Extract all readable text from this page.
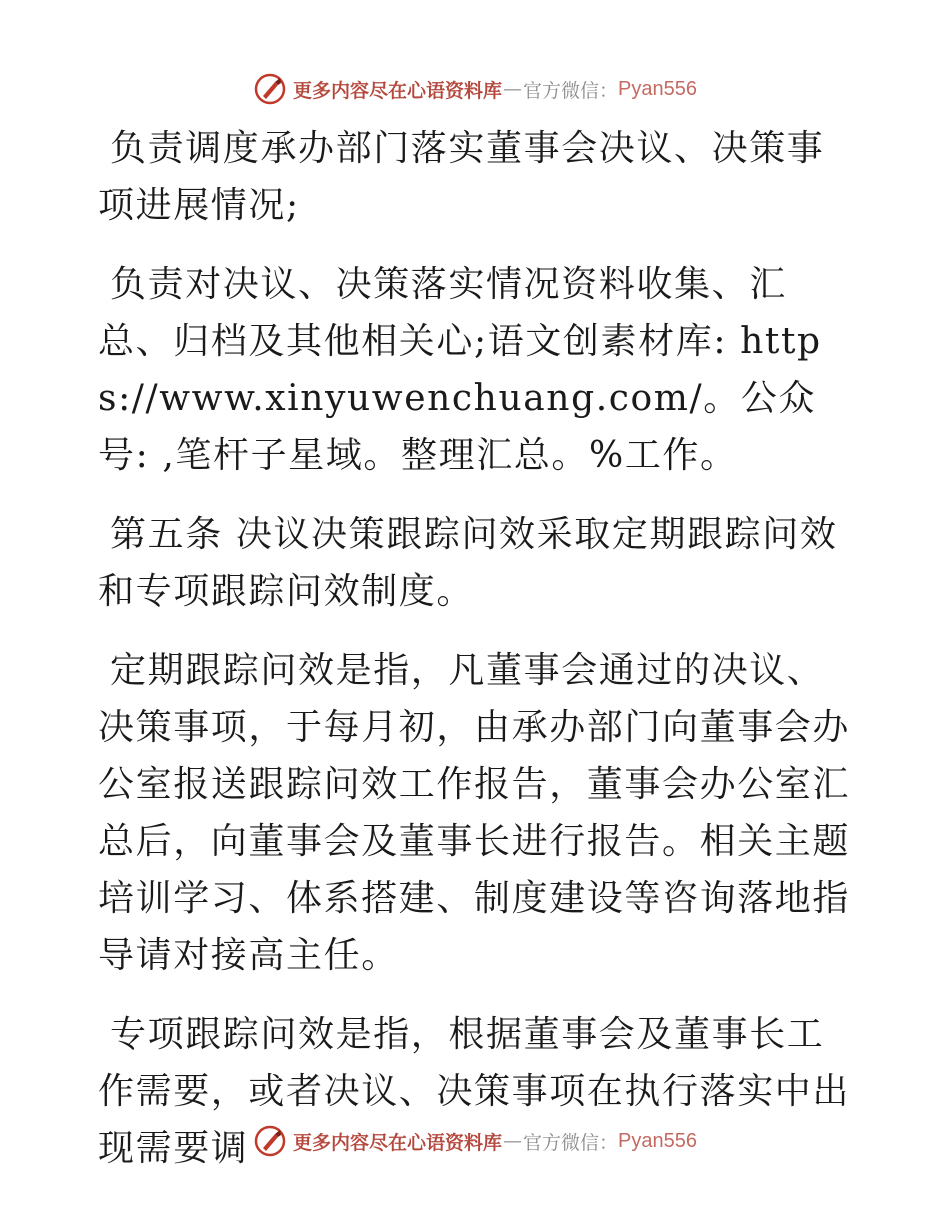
更多内容尽在心语资料库 — 官方微信： Pyan556

负责调度承办部门落实董事会决议、决策事项进展情况;

负责对决议、决策落实情况资料收集、汇总、归档及其他相关心;语文创素材库: https://www.xinyuwenchuang.com/。公众号: ,笔杆子星域。整理汇总。%工作。

第五条 决议决策跟踪问效采取定期跟踪问效和专项跟踪问效制度。

定期跟踪问效是指，凡董事会通过的决议、决策事项，于每月初，由承办部门向董事会办公室报送跟踪问效工作报告，董事会办公室汇总后，向董事会及董事长进行报告。相关主题培训学习、体系搭建、制度建设等咨询落地指导请对接高主任。

专项跟踪问效是指，根据董事会及董事长工作需要，或者决议、决策事项在执行落实中出现需要调	更多内容尽在心语资料库 — 官方微信： Pyan556
